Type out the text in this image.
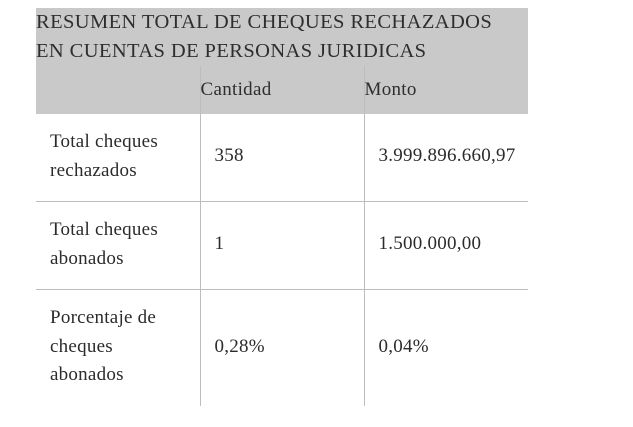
RESUMEN TOTAL DE CHEQUES RECHAZADOS
EN CUENTAS DE PERSONAS JURIDICAS		

	Cantidad	Monto

Total cheques
rechazados	358	3.999.896.660,97

Total cheques
abonados	1	1.500.000,00

Porcentaje de
cheques
abonados	0,28%	0,04%
